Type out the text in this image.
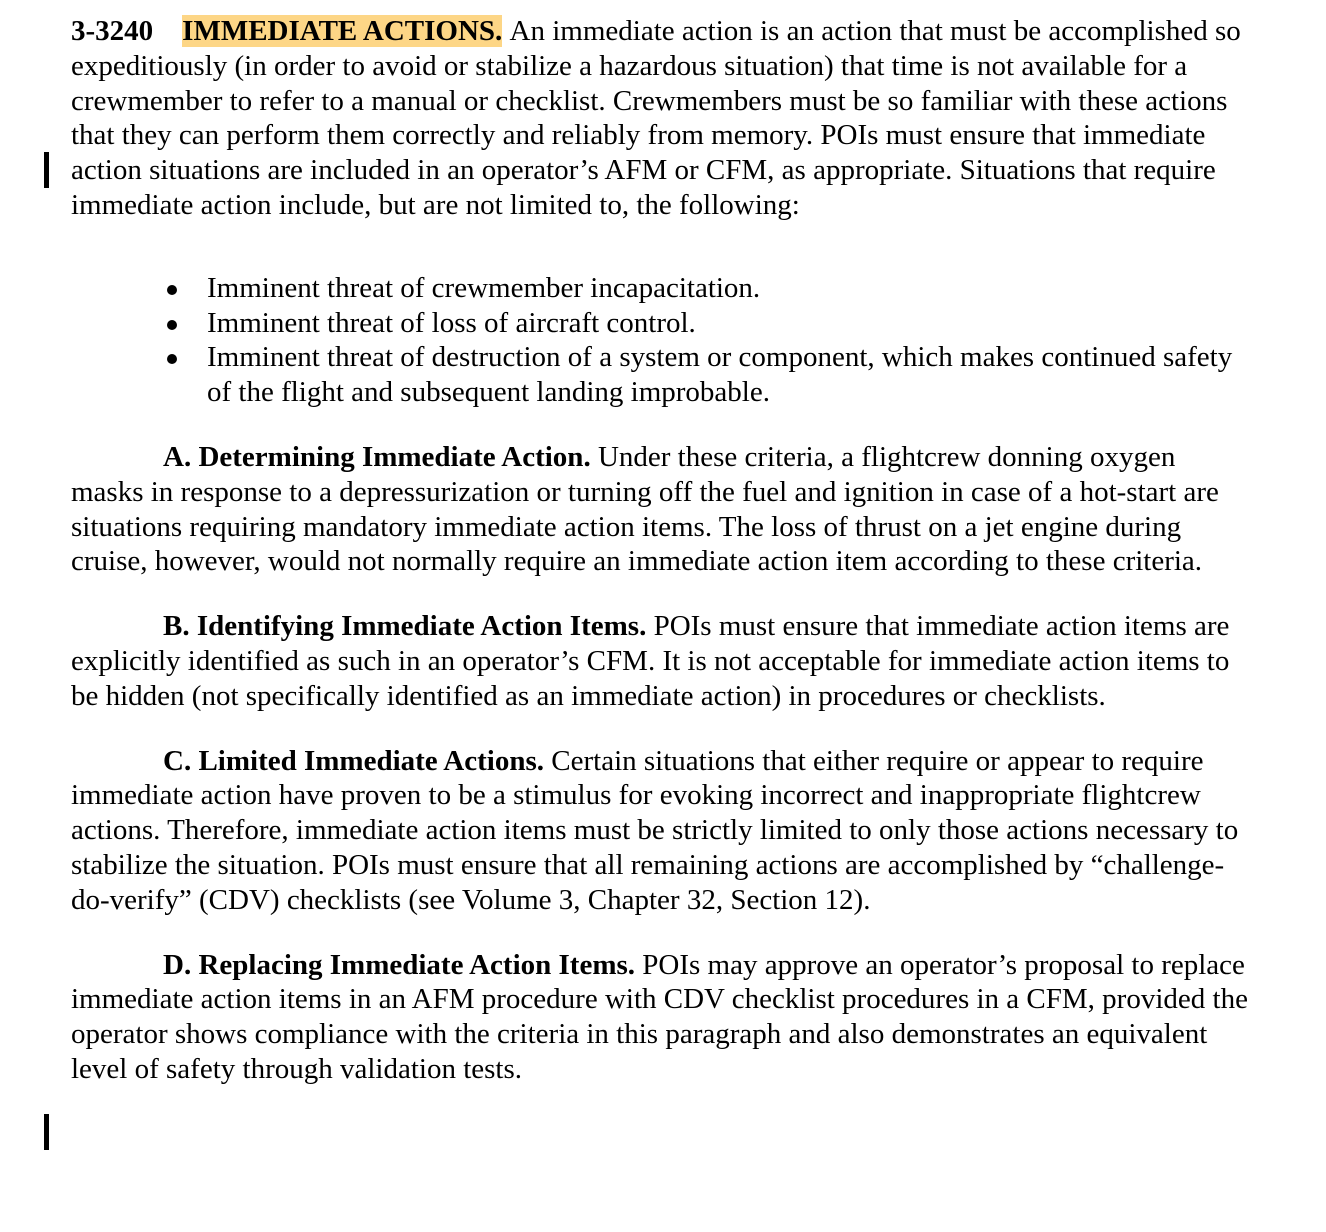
3-3240 IMMEDIATE ACTIONS. An immediate action is an action that must be accomplished so expeditiously (in order to avoid or stabilize a hazardous situation) that time is not available for a crewmember to refer to a manual or checklist. Crewmembers must be so familiar with these actions that they can perform them correctly and reliably from memory. POIs must ensure that immediate action situations are included in an operator’s AFM or CFM, as appropriate. Situations that require immediate action include, but are not limited to, the following:

Imminent threat of crewmember incapacitation.
Imminent threat of loss of aircraft control.
Imminent threat of destruction of a system or component, which makes continued safety of the flight and subsequent landing improbable.

A. Determining Immediate Action. Under these criteria, a flightcrew donning oxygen masks in response to a depressurization or turning off the fuel and ignition in case of a hot-start are situations requiring mandatory immediate action items. The loss of thrust on a jet engine during cruise, however, would not normally require an immediate action item according to these criteria.

B. Identifying Immediate Action Items. POIs must ensure that immediate action items are explicitly identified as such in an operator’s CFM. It is not acceptable for immediate action items to be hidden (not specifically identified as an immediate action) in procedures or checklists.

C. Limited Immediate Actions. Certain situations that either require or appear to require immediate action have proven to be a stimulus for evoking incorrect and inappropriate flightcrew actions. Therefore, immediate action items must be strictly limited to only those actions necessary to stabilize the situation. POIs must ensure that all remaining actions are accomplished by “challenge-do-verify” (CDV) checklists (see Volume 3, Chapter 32, Section 12).

D. Replacing Immediate Action Items. POIs may approve an operator’s proposal to replace immediate action items in an AFM procedure with CDV checklist procedures in a CFM, provided the operator shows compliance with the criteria in this paragraph and also demonstrates an equivalent level of safety through validation tests.
